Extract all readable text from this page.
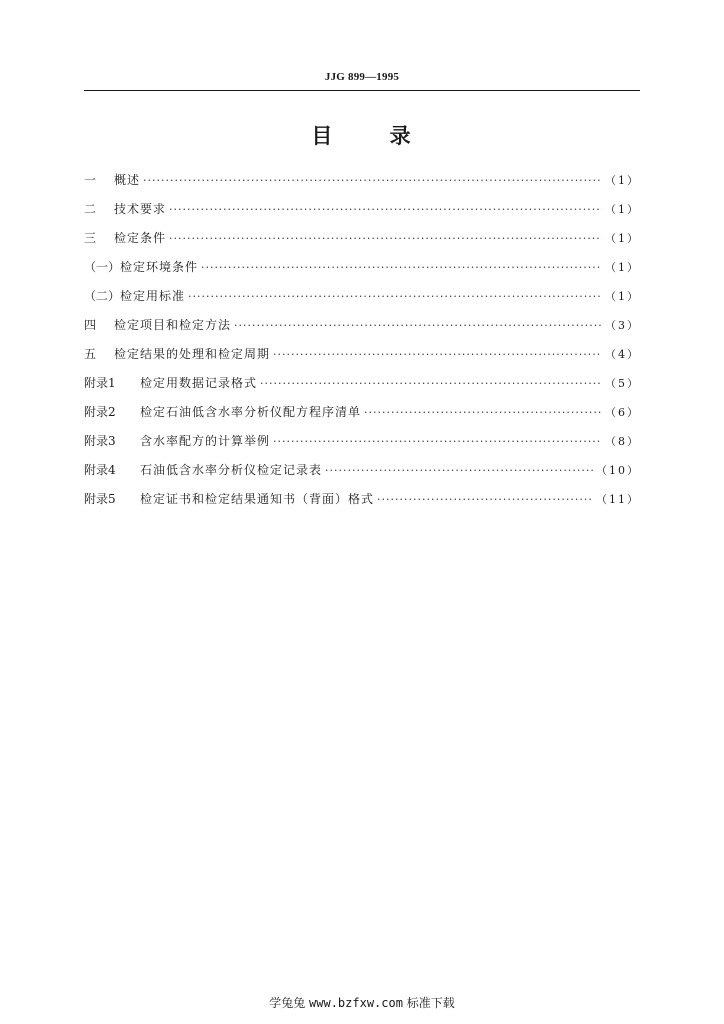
JJG 899—1995
目 录
一	概述 ·····	（1）
二	技术要求 ·····	（1）
三	检定条件 ·····	（1）
（一） 检定环境条件 ·····	（1）
（二） 检定用标准 ·····	（1）
四	检定项目和检定方法 ·····	（3）
五	检定结果的处理和检定周期 ·····	（4）
附录1	检定用数据记录格式 ·····	（5）
附录2	检定石油低含水率分析仪配方程序清单 ·····	（6）
附录3	含水率配方的计算举例 ·····	（8）
附录4	石油低含水率分析仪检定记录表 ·····	（10）
附录5	检定证书和检定结果通知书（背面）格式 ·····	（11）
学兔兔 www.bzfxw.com 标准下载
